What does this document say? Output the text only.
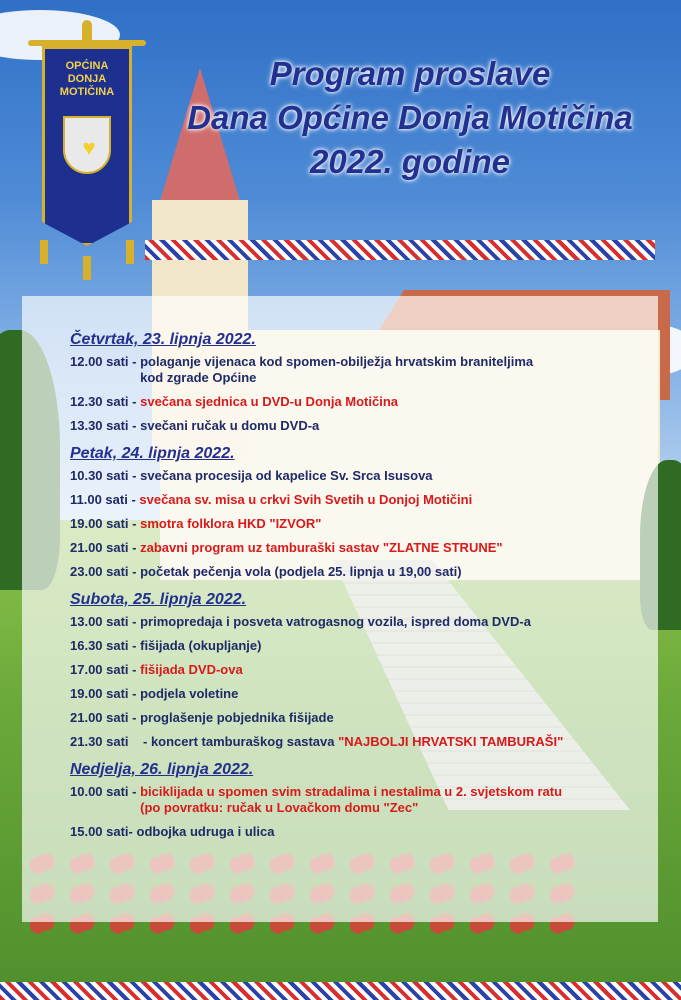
OPĆINA
DONJA
MOTIČINA
♥
Program proslave
Dana Općine Donja Motičina
2022. godine
Četvrtak, 23. lipnja 2022.
12.00 sati - polaganje vijenaca kod spomen-obilježja hrvatskim braniteljima
kod zgrade Općine
12.30 sati - svečana sjednica u DVD-u Donja Motičina
13.30 sati - svečani ručak u domu DVD-a
Petak, 24. lipnja 2022.
10.30 sati - svečana procesija od kapelice Sv. Srca Isusova
11.00 sati - svečana sv. misa u crkvi Svih Svetih u Donjoj Motičini
19.00 sati - smotra folklora HKD "IZVOR"
21.00 sati - zabavni program uz tamburaški sastav "ZLATNE STRUNE"
23.00 sati - početak pečenja vola (podjela 25. lipnja u 19,00 sati)
Subota, 25. lipnja 2022.
13.00 sati - primopredaja i posveta vatrogasnog vozila, ispred doma DVD-a
16.30 sati - fišijada (okupljanje)
17.00 sati - fišijada DVD-ova
19.00 sati - podjela voletine
21.00 sati - proglašenje pobjednika fišijade
21.30 sati    - koncert tamburaškog sastava "NAJBOLJI HRVATSKI TAMBURAŠI"
Nedjelja, 26. lipnja 2022.
10.00 sati - biciklijada u spomen svim stradalima i nestalima u 2. svjetskom ratu
(po povratku: ručak u Lovačkom domu "Zec"
15.00 sati- odbojka udruga i ulica
